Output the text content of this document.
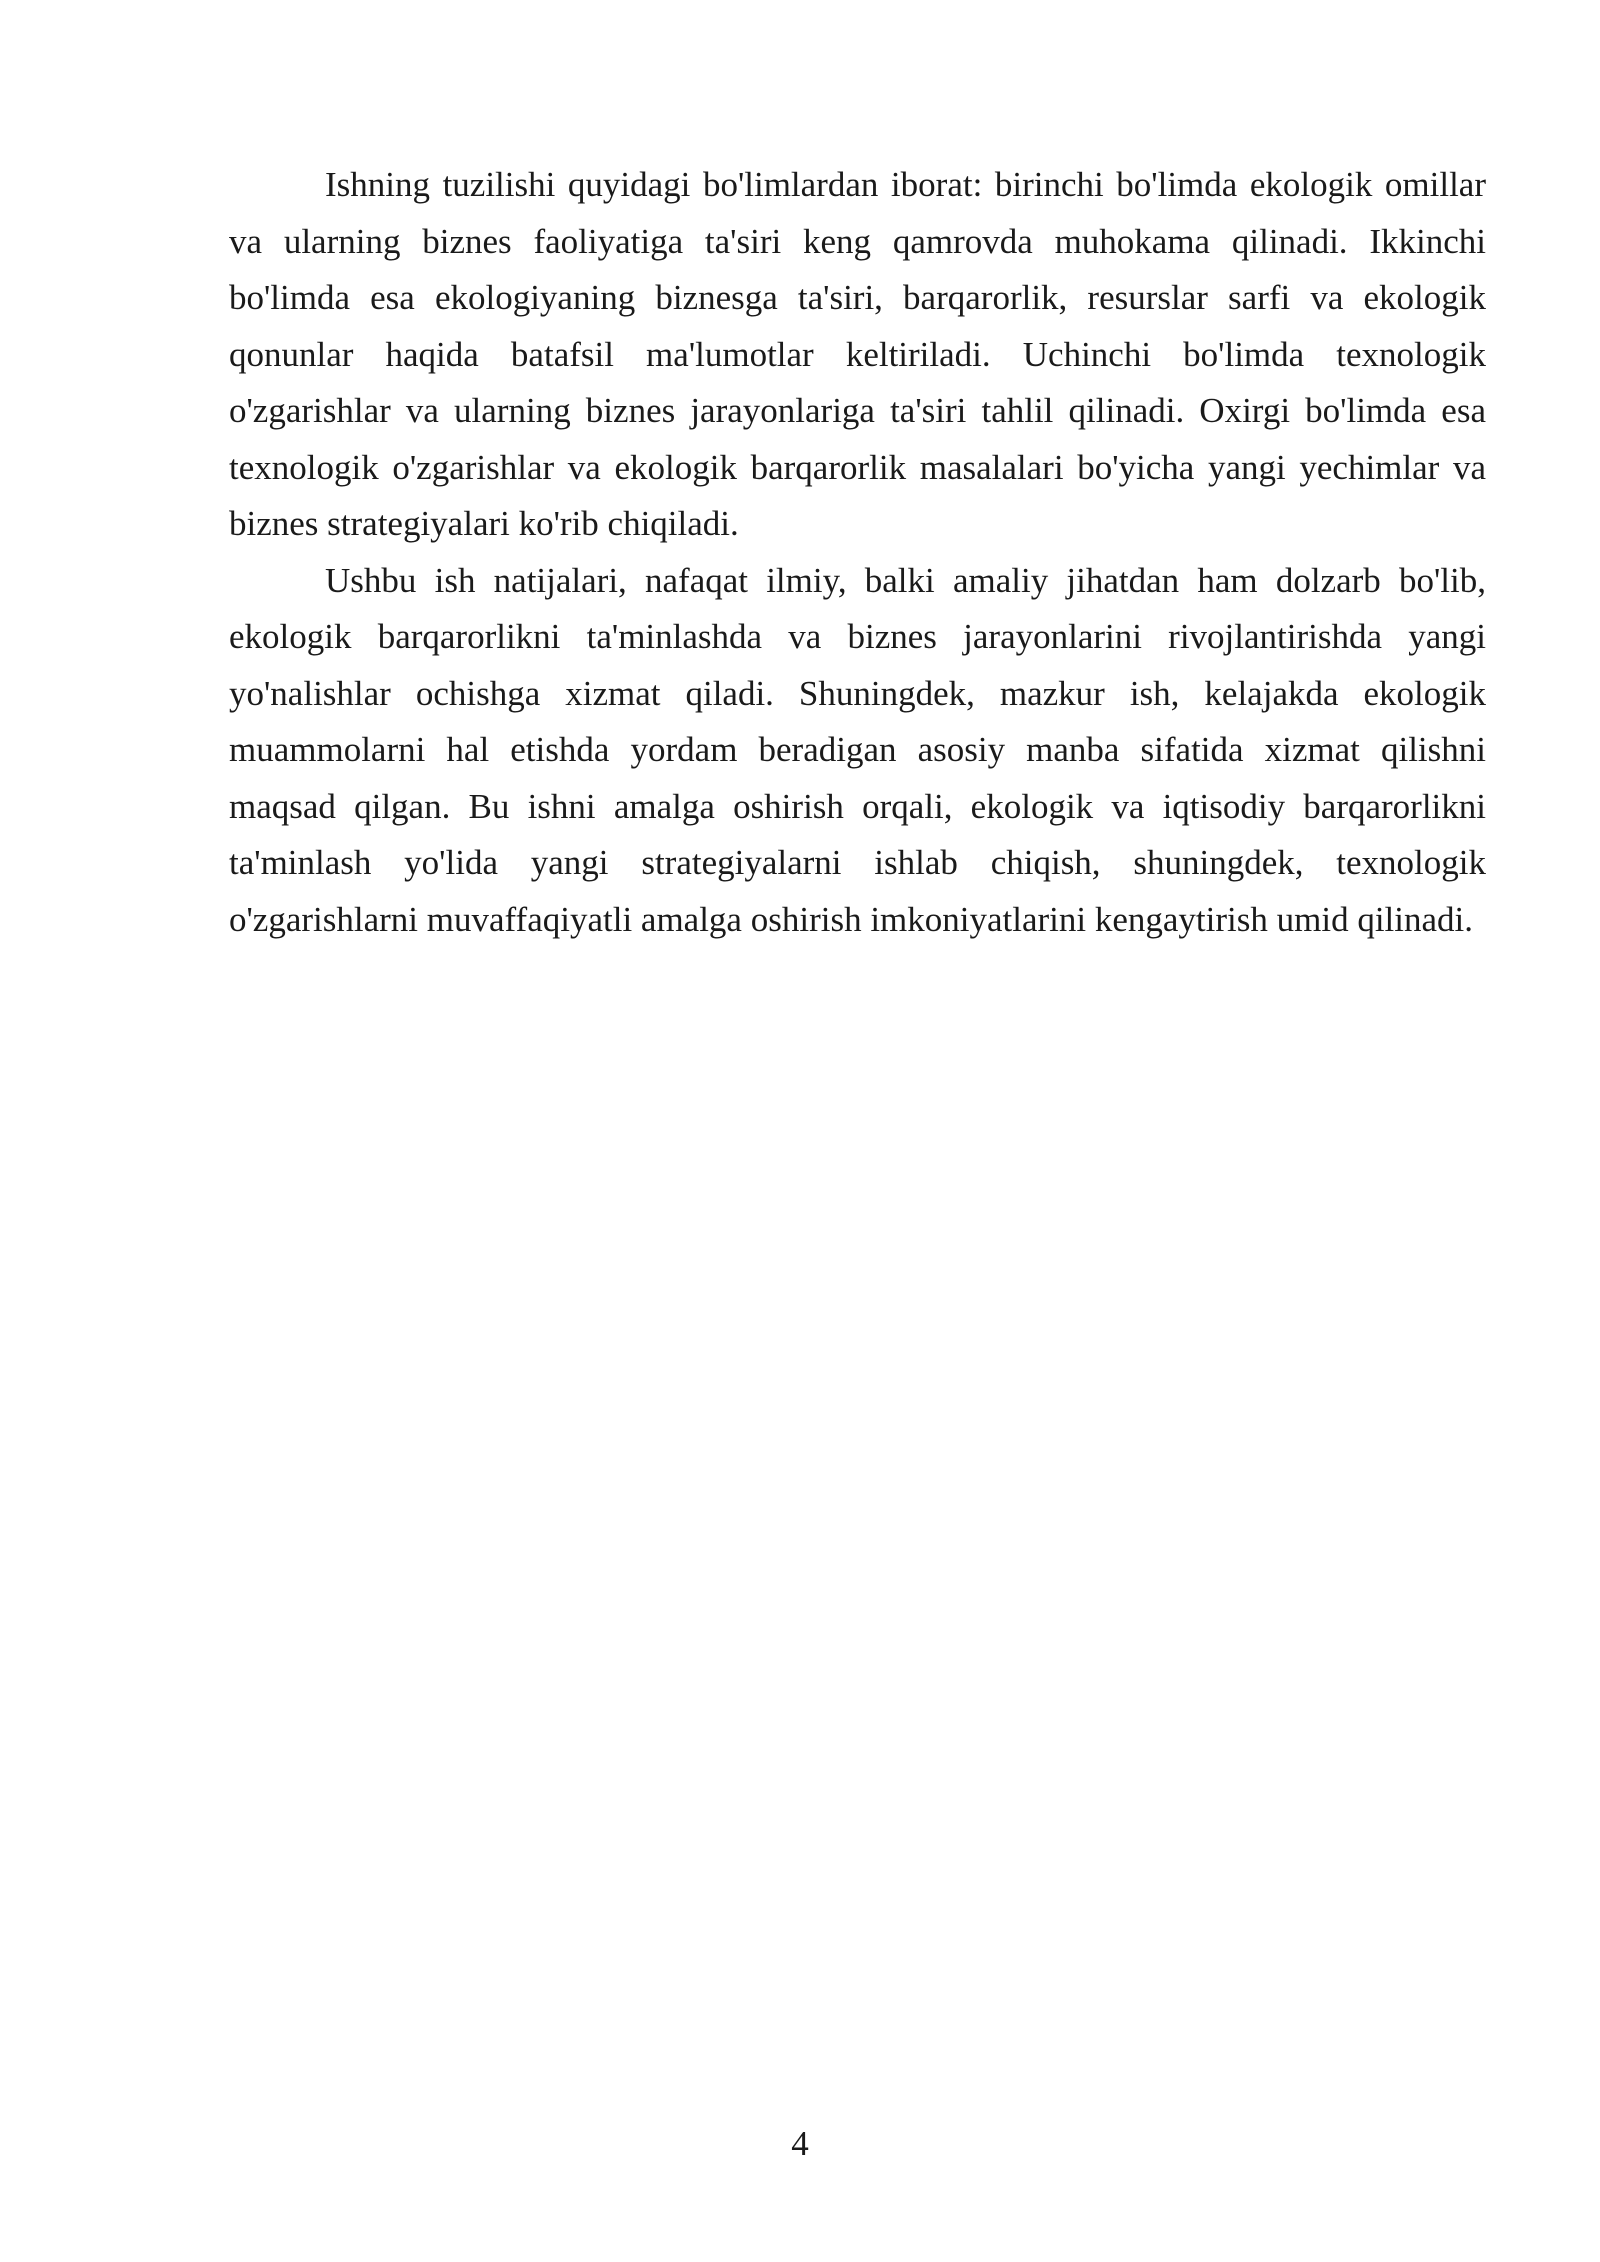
Ishning tuzilishi quyidagi bo'limlardan iborat: birinchi bo'limda ekologik omillar va ularning biznes faoliyatiga ta'siri keng qamrovda muhokama qilinadi. Ikkinchi bo'limda esa ekologiyaning biznesga ta'siri, barqarorlik, resurslar sarfi va ekologik qonunlar haqida batafsil ma'lumotlar keltiriladi. Uchinchi bo'limda texnologik o'zgarishlar va ularning biznes jarayonlariga ta'siri tahlil qilinadi. Oxirgi bo'limda esa texnologik o'zgarishlar va ekologik barqarorlik masalalari bo'yicha yangi yechimlar va biznes strategiyalari ko'rib chiqiladi.

Ushbu ish natijalari, nafaqat ilmiy, balki amaliy jihatdan ham dolzarb bo'lib, ekologik barqarorlikni ta'minlashda va biznes jarayonlarini rivojlantirishda yangi yo'nalishlar ochishga xizmat qiladi. Shuningdek, mazkur ish, kelajakda ekologik muammolarni hal etishda yordam beradigan asosiy manba sifatida xizmat qilishni maqsad qilgan. Bu ishni amalga oshirish orqali, ekologik va iqtisodiy barqarorlikni ta'minlash yo'lida yangi strategiyalarni ishlab chiqish, shuningdek, texnologik o'zgarishlarni muvaffaqiyatli amalga oshirish imkoniyatlarini kengaytirish umid qilinadi.

4
